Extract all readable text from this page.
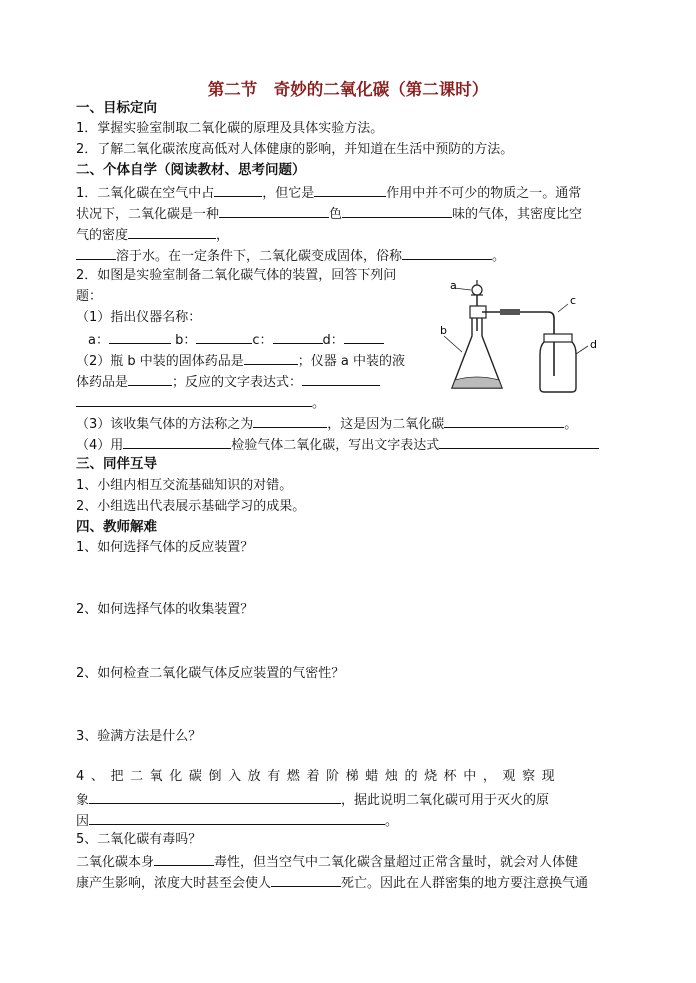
第二节　奇妙的二氧化碳（第二课时）
一、目标定向
1．掌握实验室制取二氧化碳的原理及具体实验方法。
2．了解二氧化碳浓度高低对人体健康的影响，并知道在生活中预防的方法。
二、个体自学（阅读教材、思考问题）
1．二氧化碳在空气中占	，但它是	作用中并不可少的物质之一。通常
状况下，二氧化碳是一种	色	味的气体，其密度比空
气的密度	，
溶于水。在一定条件下，二氧化碳变成固体，俗称	。
2．如图是实验室制备二氧化碳气体的装置，回答下列问
题：
（1）指出仪器名称：
a：	b：	c：	d：
（2）瓶 b 中装的固体药品是	；仪器 a 中装的液
体药品是	；反应的文字表达式：
。
（3）该收集气体的方法称之为	，这是因为二氧化碳	。
（4）用	检验气体二氧化碳，写出文字表达式
a
b
c
d
三、同伴互导
1、小组内相互交流基础知识的对错。
2、小组选出代表展示基础学习的成果。
四、教师解难
1、如何选择气体的反应装置？
2、如何选择气体的收集装置？
2、如何检查二氧化碳气体反应装置的气密性？
3、验满方法是什么？
4、把二氧化碳倒入放有燃着阶梯蜡烛的烧杯中，观察现
象	，据此说明二氧化碳可用于灭火的原
因	。
5、二氧化碳有毒吗？
二氧化碳本身	毒性，但当空气中二氧化碳含量超过正常含量时，就会对人体健
康产生影响，浓度大时甚至会使人	死亡。因此在人群密集的地方要注意换气通
